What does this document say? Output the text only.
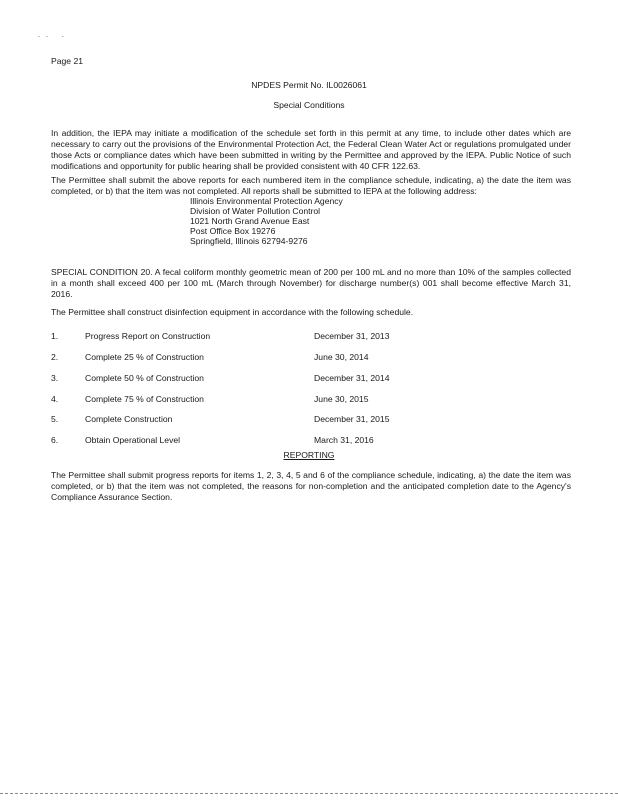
.. .
Page 21
NPDES Permit No. IL0026061
Special Conditions
In addition, the IEPA may initiate a modification of the schedule set forth in this permit at any time, to include other dates which are necessary to carry out the provisions of the Environmental Protection Act, the Federal Clean Water Act or regulations promulgated under those Acts or compliance dates which have been submitted in writing by the Permittee and approved by the IEPA. Public Notice of such modifications and opportunity for public hearing shall be provided consistent with 40 CFR 122.63.
The Permittee shall submit the above reports for each numbered item in the compliance schedule, indicating, a) the date the item was completed, or b) that the item was not completed. All reports shall be submitted to IEPA at the following address:
Illinois Environmental Protection Agency
Division of Water Pollution Control
1021 North Grand Avenue East
Post Office Box 19276
Springfield, Illinois 62794-9276
SPECIAL CONDITION 20. A fecal coliform monthly geometric mean of 200 per 100 mL and no more than 10% of the samples collected in a month shall exceed 400 per 100 mL (March through November) for discharge number(s) 001 shall become effective March 31, 2016.
The Permittee shall construct disinfection equipment in accordance with the following schedule.
1.	Progress Report on Construction	December 31, 2013
2.	Complete 25 % of Construction	June 30, 2014
3.	Complete 50 % of Construction	December 31, 2014
4.	Complete 75 % of Construction	June 30, 2015
5.	Complete Construction	December 31, 2015
6.	Obtain Operational Level	March 31, 2016
REPORTING
The Permittee shall submit progress reports for items 1, 2, 3, 4, 5 and 6 of the compliance schedule, indicating, a) the date the item was completed, or b) that the item was not completed, the reasons for non-completion and the anticipated completion date to the Agency's Compliance Assurance Section.
